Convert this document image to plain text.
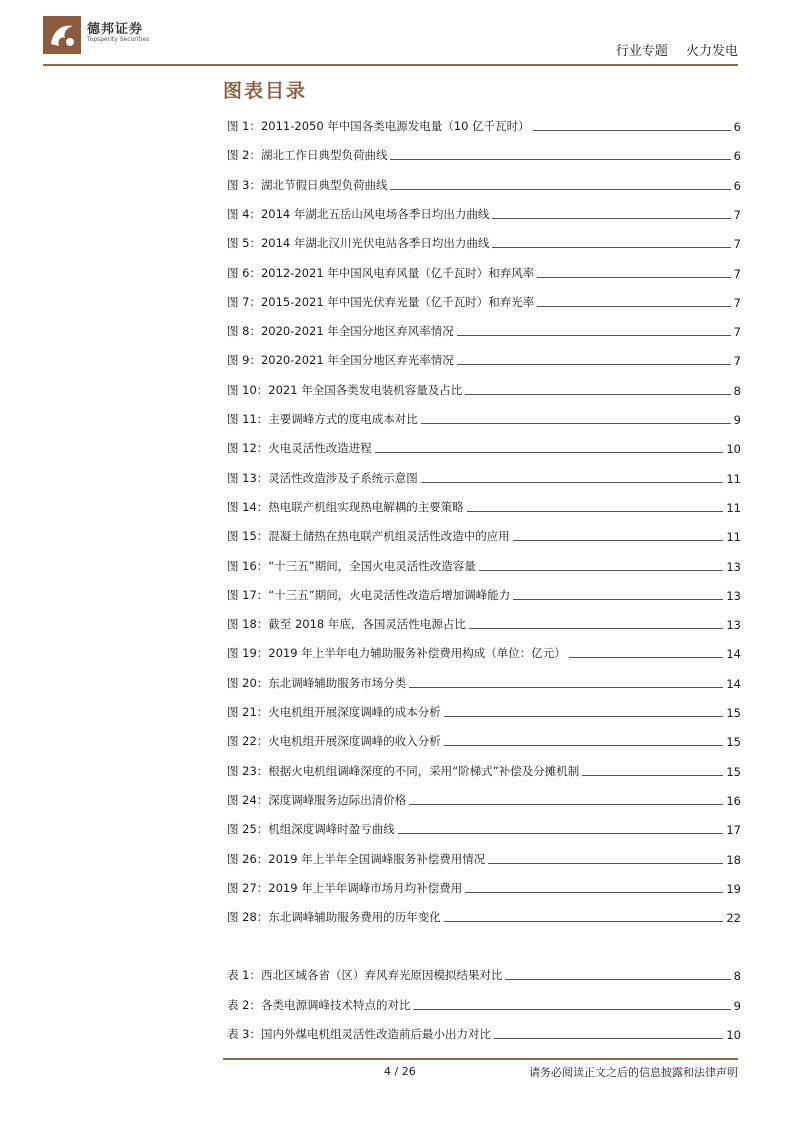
德邦证券
Topsperity Securities
行业专题 火力发电
图表目录
图 1：2011-2050 年中国各类电源发电量（10 亿千瓦时）	6
图 2：湖北工作日典型负荷曲线	6
图 3：湖北节假日典型负荷曲线	6
图 4：2014 年湖北五岳山风电场各季日均出力曲线	7
图 5：2014 年湖北汉川光伏电站各季日均出力曲线	7
图 6：2012-2021 年中国风电弃风量（亿千瓦时）和弃风率	7
图 7：2015-2021 年中国光伏弃光量（亿千瓦时）和弃光率	7
图 8：2020-2021 年全国分地区弃风率情况	7
图 9：2020-2021 年全国分地区弃光率情况	7
图 10：2021 年全国各类发电装机容量及占比	8
图 11：主要调峰方式的度电成本对比	9
图 12：火电灵活性改造进程	10
图 13：灵活性改造涉及子系统示意图	11
图 14：热电联产机组实现热电解耦的主要策略	11
图 15：混凝土储热在热电联产机组灵活性改造中的应用	11
图 16：“十三五”期间，全国火电灵活性改造容量	13
图 17：“十三五”期间，火电灵活性改造后增加调峰能力	13
图 18：截至 2018 年底，各国灵活性电源占比	13
图 19：2019 年上半年电力辅助服务补偿费用构成（单位：亿元）	14
图 20：东北调峰辅助服务市场分类	14
图 21：火电机组开展深度调峰的成本分析	15
图 22：火电机组开展深度调峰的收入分析	15
图 23：根据火电机组调峰深度的不同，采用“阶梯式”补偿及分摊机制	15
图 24：深度调峰服务边际出清价格	16
图 25：机组深度调峰时盈亏曲线	17
图 26：2019 年上半年全国调峰服务补偿费用情况	18
图 27：2019 年上半年调峰市场月均补偿费用	19
图 28：东北调峰辅助服务费用的历年变化	22
表 1：西北区域各省（区）弃风弃光原因模拟结果对比	8
表 2：各类电源调峰技术特点的对比	9
表 3：国内外煤电机组灵活性改造前后最小出力对比	10
4 / 26	请务必阅读正文之后的信息披露和法律声明
